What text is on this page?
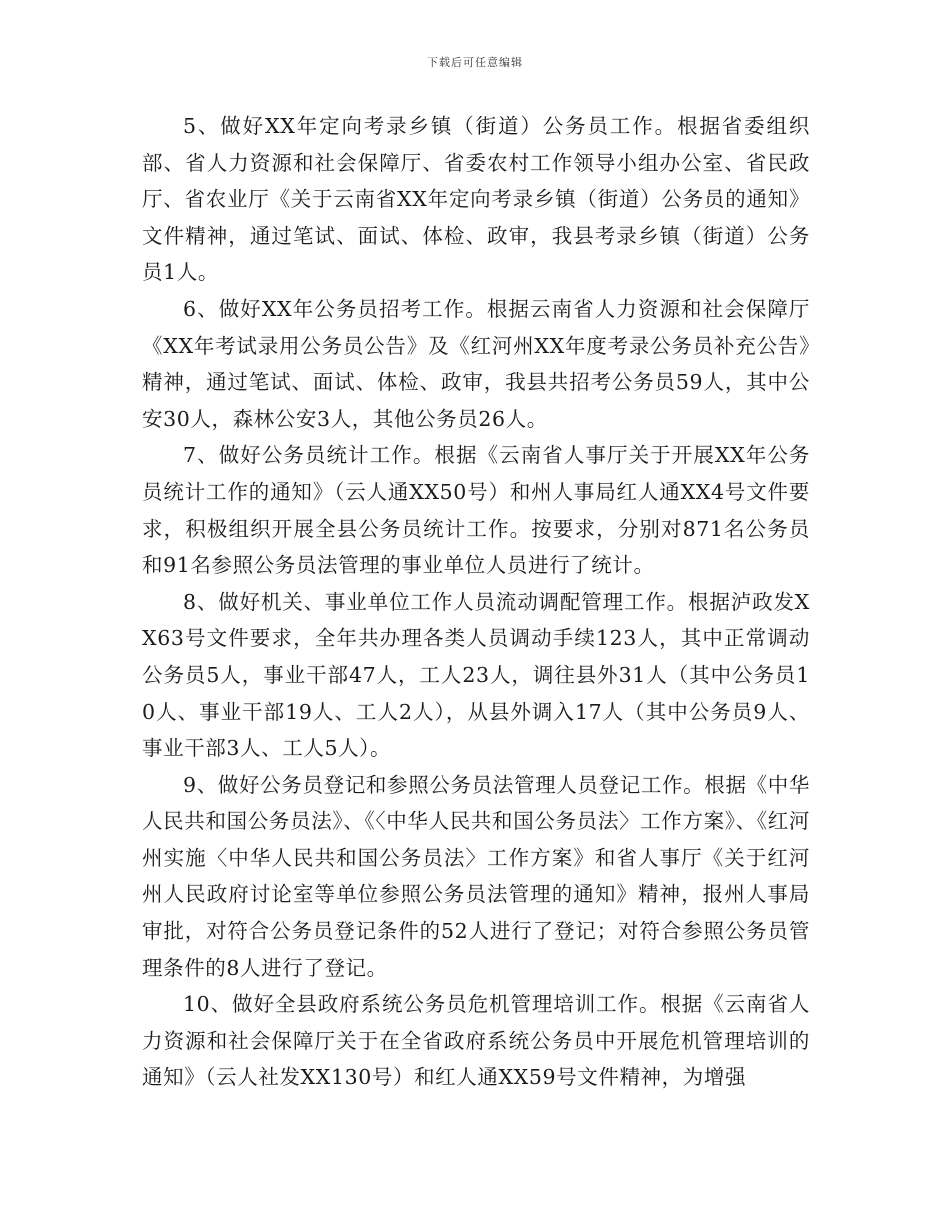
下载后可任意编辑

5、做好XX年定向考录乡镇（街道）公务员工作。根据省委组织部、省人力资源和社会保障厅、省委农村工作领导小组办公室、省民政厅、省农业厅《关于云南省XX年定向考录乡镇（街道）公务员的通知》文件精神，通过笔试、面试、体检、政审，我县考录乡镇（街道）公务员1人。

6、做好XX年公务员招考工作。根据云南省人力资源和社会保障厅《XX年考试录用公务员公告》及《红河州XX年度考录公务员补充公告》精神，通过笔试、面试、体检、政审，我县共招考公务员59人，其中公安30人，森林公安3人，其他公务员26人。

7、做好公务员统计工作。根据《云南省人事厅关于开展XX年公务员统计工作的通知》（云人通XX50号）和州人事局红人通XX4号文件要求，积极组织开展全县公务员统计工作。按要求，分别对871名公务员和91名参照公务员法管理的事业单位人员进行了统计。

8、做好机关、事业单位工作人员流动调配管理工作。根据泸政发XX63号文件要求，全年共办理各类人员调动手续123人，其中正常调动公务员5人，事业干部47人，工人23人，调往县外31人（其中公务员10人、事业干部19人、工人2人），从县外调入17人（其中公务员9人、事业干部3人、工人5人）。

9、做好公务员登记和参照公务员法管理人员登记工作。根据《中华人民共和国公务员法》、《〈中华人民共和国公务员法〉工作方案》、《红河州实施〈中华人民共和国公务员法〉工作方案》和省人事厅《关于红河州人民政府讨论室等单位参照公务员法管理的通知》精神，报州人事局审批，对符合公务员登记条件的52人进行了登记；对符合参照公务员管理条件的8人进行了登记。

10、做好全县政府系统公务员危机管理培训工作。根据《云南省人力资源和社会保障厅关于在全省政府系统公务员中开展危机管理培训的通知》（云人社发XX130号）和红人通XX59号文件精神，为增强
